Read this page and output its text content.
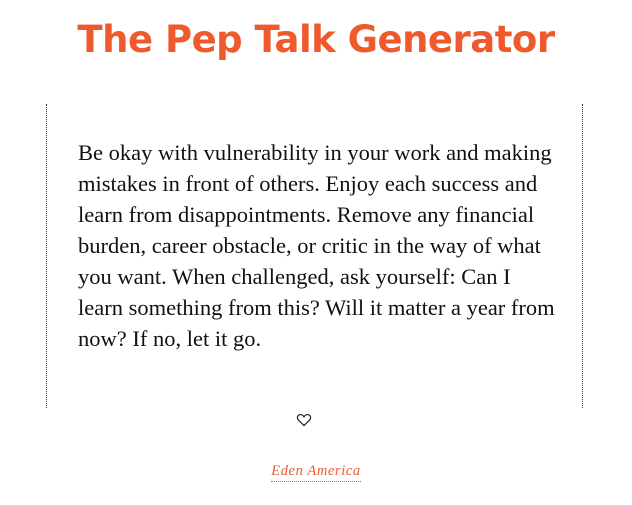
The Pep Talk Generator

Be okay with vulnerability in your work and making mistakes in front of others. Enjoy each success and learn from disappointments. Remove any financial burden, career obstacle, or critic in the way of what you want. When challenged, ask yourself: Can I learn something from this? Will it matter a year from now? If no, let it go.

Eden America
